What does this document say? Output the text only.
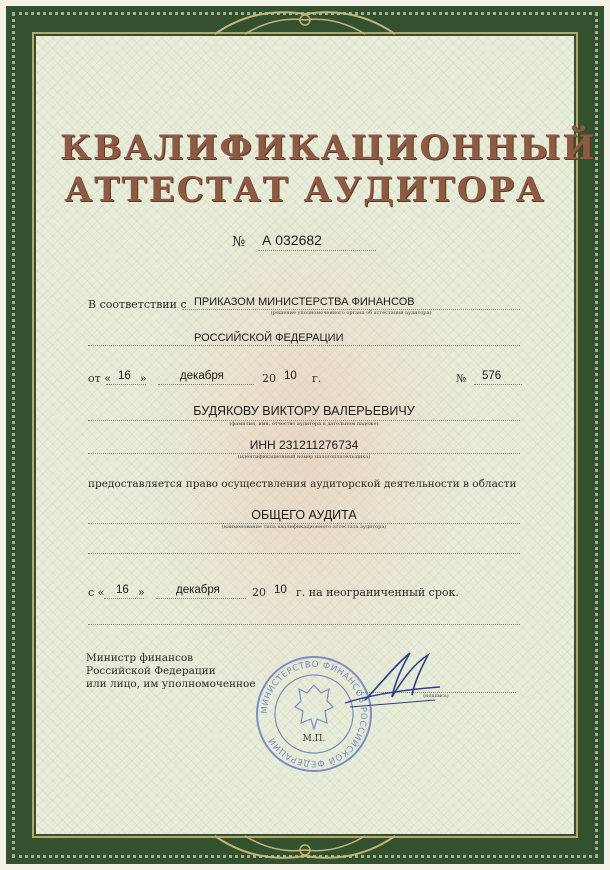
КВАЛИФИКАЦИОННЫЙ
АТТЕСТАТ АУДИТОРА
№ А 032682
В соответствии с ПРИКАЗОМ МИНИСТЕРСТВА ФИНАНСОВ
(решение уполномоченного органа об аттестации аудитора)
РОССИЙСКОЙ ФЕДЕРАЦИИ
от « 16 »	декабря	20 10 г.	№ 576
БУДЯКОВУ ВИКТОРУ ВАЛЕРЬЕВИЧУ
(фамилия, имя, отчество аудитора в дательном падеже)
ИНН 231211276734
(идентификационный номер налогоплательщика)
предоставляется право осуществления аудиторской деятельности в области
ОБЩЕГО АУДИТА
(наименование типа квалификационного аттестата аудитора)
с « 16 »	декабря	20 10 г. на неограниченный срок.
Министр финансов
Российской Федерации
или лицо, им уполномоченное
(подпись)
МИНИСТЕРСТВО ФИНАНСОВ РОССИЙСКОЙ ФЕДЕРАЦИИ	М.П.
